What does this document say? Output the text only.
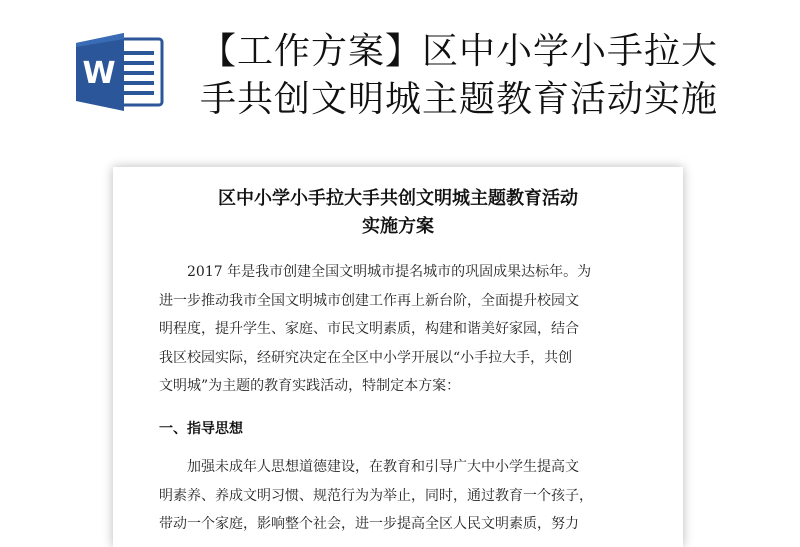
W
【工作方案】区中小学小手拉大
手共创文明城主题教育活动实施
区中小学小手拉大手共创文明城主题教育活动
实施方案
2017 年是我市创建全国文明城市提名城市的巩固成果达标年。为
进一步推动我市全国文明城市创建工作再上新台阶，全面提升校园文
明程度，提升学生、家庭、市民文明素质，构建和谐美好家园，结合
我区校园实际，经研究决定在全区中小学开展以“小手拉大手，共创
文明城”为主题的教育实践活动，特制定本方案：
一、指导思想
加强未成年人思想道德建设，在教育和引导广大中小学生提高文
明素养、养成文明习惯、规范行为为举止，同时，通过教育一个孩子，
带动一个家庭，影响整个社会，进一步提高全区人民文明素质，努力
